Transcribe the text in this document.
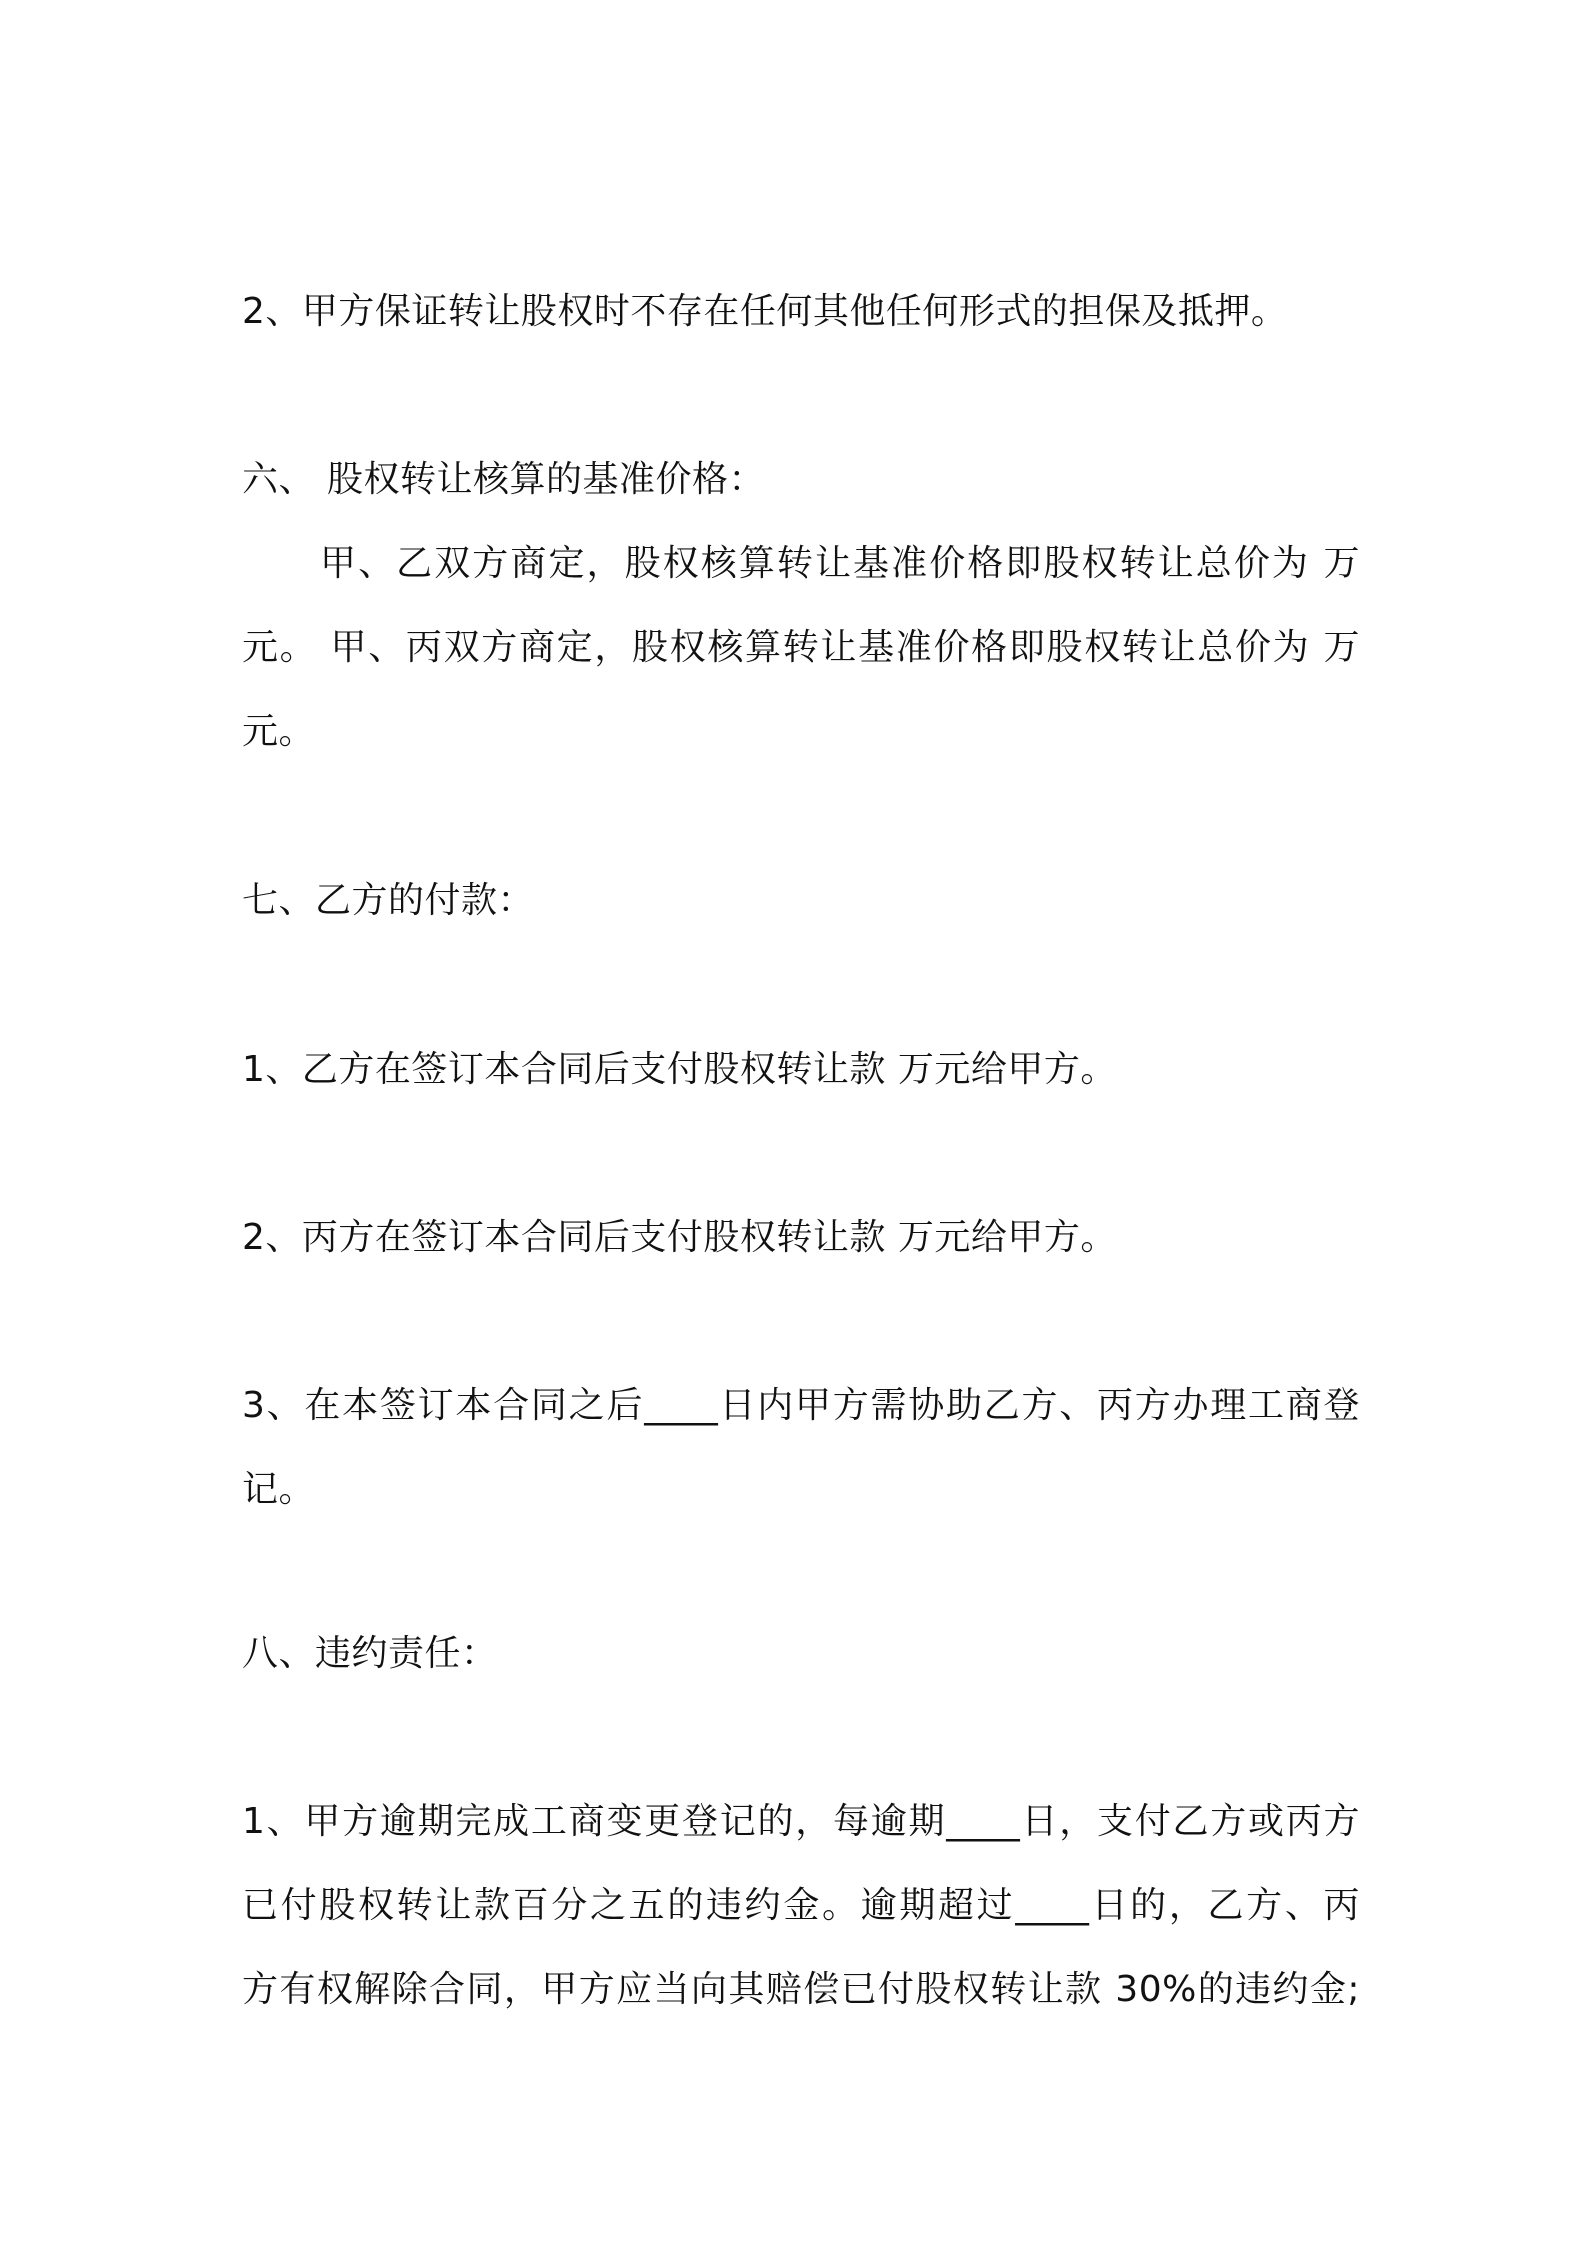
2、甲方保证转让股权时不存在任何其他任何形式的担保及抵押。
六、 股权转让核算的基准价格：
甲、乙双方商定，股权核算转让基准价格即股权转让总价为 万
元。 甲、丙双方商定，股权核算转让基准价格即股权转让总价为 万
元。
七、乙方的付款：
1、乙方在签订本合同后支付股权转让款 万元给甲方。
2、丙方在签订本合同后支付股权转让款 万元给甲方。
3、在本签订本合同之后____日内甲方需协助乙方、丙方办理工商登
记。
八、违约责任：
1、甲方逾期完成工商变更登记的，每逾期____日，支付乙方或丙方
已付股权转让款百分之五的违约金。逾期超过____日的，乙方、丙
方有权解除合同，甲方应当向其赔偿已付股权转让款 30%的违约金;
